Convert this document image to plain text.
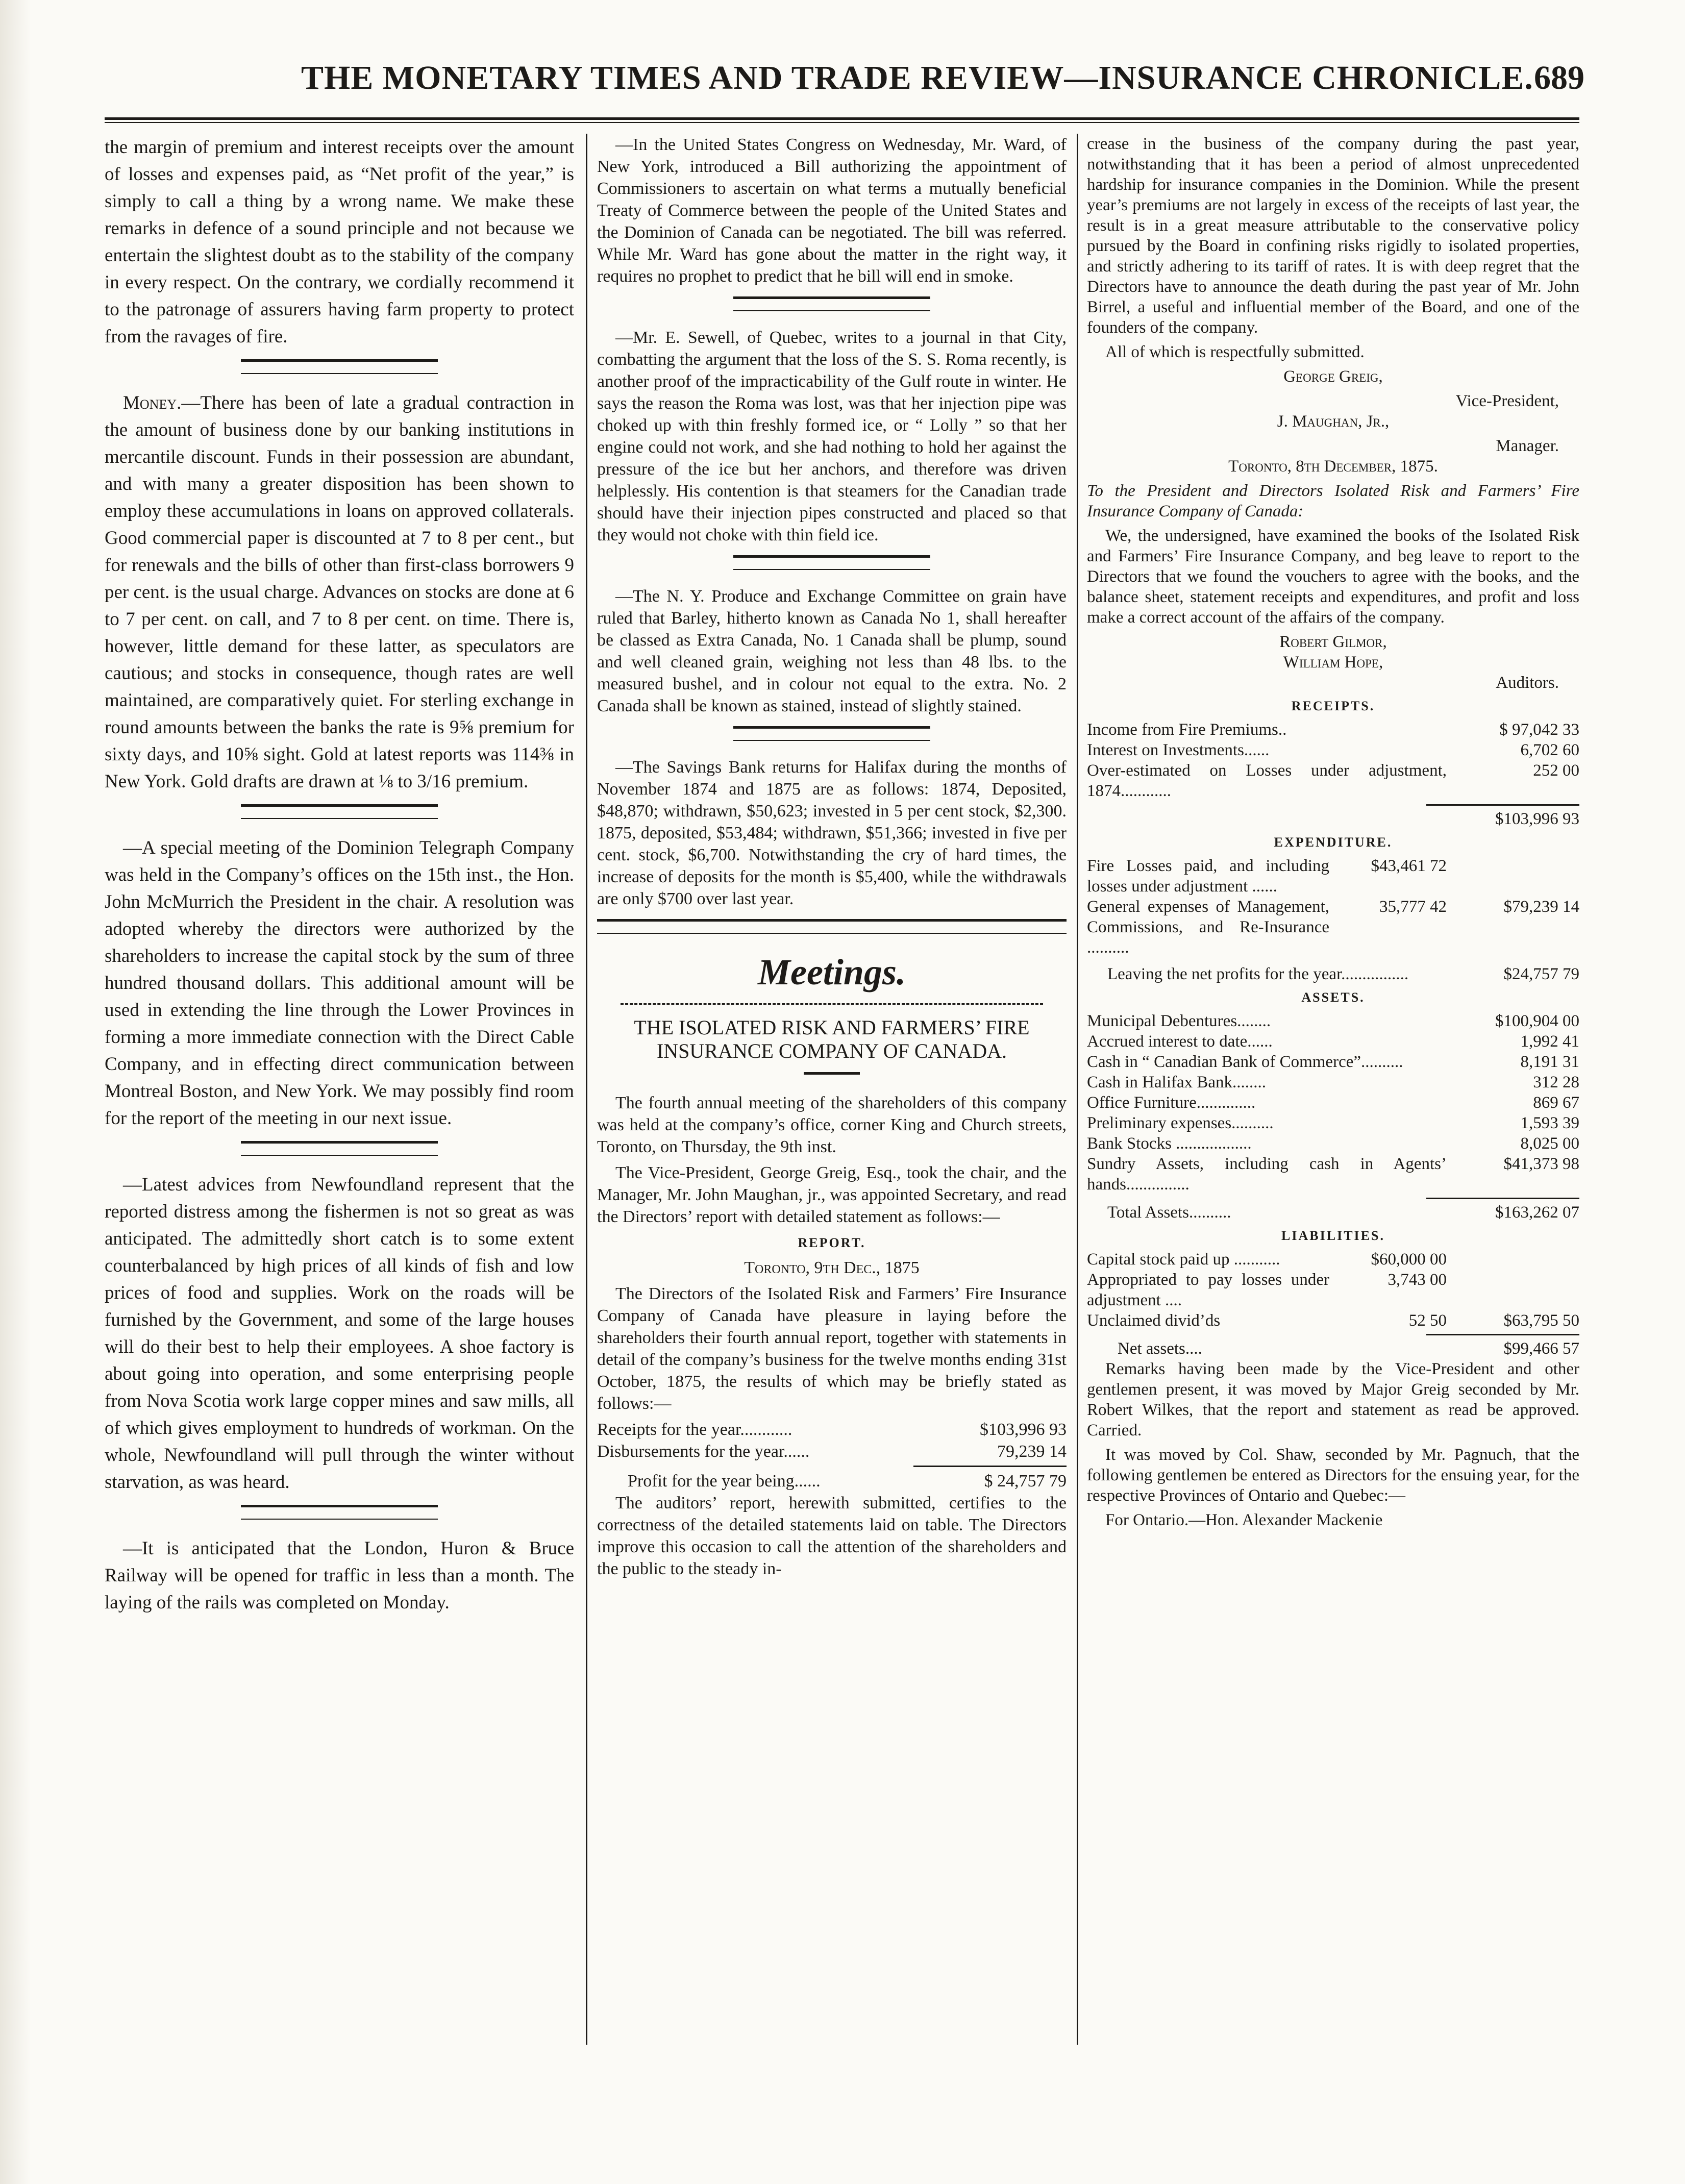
THE MONETARY TIMES AND TRADE REVIEW—INSURANCE CHRONICLE. 689

the margin of premium and interest receipts over the amount of losses and expenses paid, as “Net profit of the year,” is simply to call a thing by a wrong name. We make these remarks in defence of a sound principle and not because we entertain the slightest doubt as to the stability of the company in every respect. On the contrary, we cordially recommend it to the patronage of assurers having farm property to protect from the ravages of fire.

Money.—There has been of late a gradual contraction in the amount of business done by our banking institutions in mercantile discount. Funds in their possession are abundant, and with many a greater disposition has been shown to employ these accumulations in loans on approved collaterals. Good commercial paper is discounted at 7 to 8 per cent., but for renewals and the bills of other than first-class borrowers 9 per cent. is the usual charge. Advances on stocks are done at 6 to 7 per cent. on call, and 7 to 8 per cent. on time. There is, however, little demand for these latter, as speculators are cautious; and stocks in consequence, though rates are well maintained, are comparatively quiet. For sterling exchange in round amounts between the banks the rate is 9⅝ premium for sixty days, and 10⅝ sight. Gold at latest reports was 114⅜ in New York. Gold drafts are drawn at ⅛ to 3/16 premium.

—A special meeting of the Dominion Telegraph Company was held in the Company’s offices on the 15th inst., the Hon. John McMurrich the President in the chair. A resolution was adopted whereby the directors were authorized by the shareholders to increase the capital stock by the sum of three hundred thousand dollars. This additional amount will be used in extending the line through the Lower Provinces in forming a more immediate connection with the Direct Cable Company, and in effecting direct communication between Montreal Boston, and New York. We may possibly find room for the report of the meeting in our next issue.

—Latest advices from Newfoundland represent that the reported distress among the fishermen is not so great as was anticipated. The admittedly short catch is to some extent counterbalanced by high prices of all kinds of fish and low prices of food and supplies. Work on the roads will be furnished by the Government, and some of the large houses will do their best to help their employees. A shoe factory is about going into operation, and some enterprising people from Nova Scotia work large copper mines and saw mills, all of which gives employment to hundreds of workman. On the whole, Newfoundland will pull through the winter without starvation, as was heard.

—It is anticipated that the London, Huron & Bruce Railway will be opened for traffic in less than a month. The laying of the rails was completed on Monday.

—In the United States Congress on Wednesday, Mr. Ward, of New York, introduced a Bill authorizing the appointment of Commissioners to ascertain on what terms a mutually beneficial Treaty of Commerce between the people of the United States and the Dominion of Canada can be negotiated. The bill was referred. While Mr. Ward has gone about the matter in the right way, it requires no prophet to predict that he bill will end in smoke.

—Mr. E. Sewell, of Quebec, writes to a journal in that City, combatting the argument that the loss of the S. S. Roma recently, is another proof of the impracticability of the Gulf route in winter. He says the reason the Roma was lost, was that her injection pipe was choked up with thin freshly formed ice, or “ Lolly ” so that her engine could not work, and she had nothing to hold her against the pressure of the ice but her anchors, and therefore was driven helplessly. His contention is that steamers for the Canadian trade should have their injection pipes constructed and placed so that they would not choke with thin field ice.

—The N. Y. Produce and Exchange Committee on grain have ruled that Barley, hitherto known as Canada No 1, shall hereafter be classed as Extra Canada, No. 1 Canada shall be plump, sound and well cleaned grain, weighing not less than 48 lbs. to the measured bushel, and in colour not equal to the extra. No. 2 Canada shall be known as stained, instead of slightly stained.

—The Savings Bank returns for Halifax during the months of November 1874 and 1875 are as follows: 1874, Deposited, $48,870; withdrawn, $50,623; invested in 5 per cent stock, $2,300. 1875, deposited, $53,484; withdrawn, $51,366; invested in five per cent. stock, $6,700. Notwithstanding the cry of hard times, the increase of deposits for the month is $5,400, while the withdrawals are only $700 over last year.

Meetings.
THE ISOLATED RISK AND FARMERS’ FIRE INSURANCE COMPANY OF CANADA.

The fourth annual meeting of the shareholders of this company was held at the company’s office, corner King and Church streets, Toronto, on Thursday, the 9th inst.

The Vice-President, George Greig, Esq., took the chair, and the Manager, Mr. John Maughan, jr., was appointed Secretary, and read the Directors’ report with detailed statement as follows:—

REPORT.

Toronto, 9th Dec., 1875

The Directors of the Isolated Risk and Farmers’ Fire Insurance Company of Canada have pleasure in laying before the shareholders their fourth annual report, together with statements in detail of the company’s business for the twelve months ending 31st October, 1875, the results of which may be briefly stated as follows:—

Receipts for the year............	$103,996 93
Disbursements for the year......	79,239 14
Profit for the year being......	$ 24,757 79

The auditors’ report, herewith submitted, certifies to the correctness of the detailed statements laid on table. The Directors improve this occasion to call the attention of the shareholders and the public to the steady in-

crease in the business of the company during the past year, notwithstanding that it has been a period of almost unprecedented hardship for insurance companies in the Dominion. While the present year’s premiums are not largely in excess of the receipts of last year, the result is in a great measure attributable to the conservative policy pursued by the Board in confining risks rigidly to isolated properties, and strictly adhering to its tariff of rates. It is with deep regret that the Directors have to announce the death during the past year of Mr. John Birrel, a useful and influential member of the Board, and one of the founders of the company.

All of which is respectfully submitted.

George Greig,

Vice-President,

J. Maughan, Jr.,

Manager.

Toronto, 8th December, 1875.

To the President and Directors Isolated Risk and Farmers’ Fire Insurance Company of Canada:

We, the undersigned, have examined the books of the Isolated Risk and Farmers’ Fire Insurance Company, and beg leave to report to the Directors that we found the vouchers to agree with the books, and the balance sheet, statement receipts and expenditures, and profit and loss make a correct account of the affairs of the company.

Robert Gilmor,

William Hope,

Auditors.

RECEIPTS.
Income from Fire Premiums..	$ 97,042 33
Interest on Investments......	6,702 60
Over-estimated on Losses under adjustment, 1874............
252 00
$103,996 93
EXPENDITURE.
Fire Losses paid, and including losses under adjustment ......
$43,461 72
General expenses of Management, Commissions, and Re-Insurance ..........
35,777 42	$79,239 14
Leaving the net profits for the year................	$24,757 79
ASSETS.
Municipal Debentures........	$100,904 00
Accrued interest to date......	1,992 41
Cash in “ Canadian Bank of Commerce”..........	8,191 31
Cash in Halifax Bank........	312 28
Office Furniture..............	869 67
Preliminary expenses..........	1,593 39
Bank Stocks ..................	8,025 00
Sundry Assets, including cash in Agents’ hands...............
$41,373 98
Total Assets..........	$163,262 07
LIABILITIES.
Capital stock paid up ...........	$60,000 00
Appropriated to pay losses under adjustment ....
3,743 00
Unclaimed divid’ds	52 50	$63,795 50
Net assets....	$99,466 57

Remarks having been made by the Vice-President and other gentlemen present, it was moved by Major Greig seconded by Mr. Robert Wilkes, that the report and statement as read be approved. Carried.

It was moved by Col. Shaw, seconded by Mr. Pagnuch, that the following gentlemen be entered as Directors for the ensuing year, for the respective Provinces of Ontario and Quebec:—

For Ontario.—Hon. Alexander Mackenie
